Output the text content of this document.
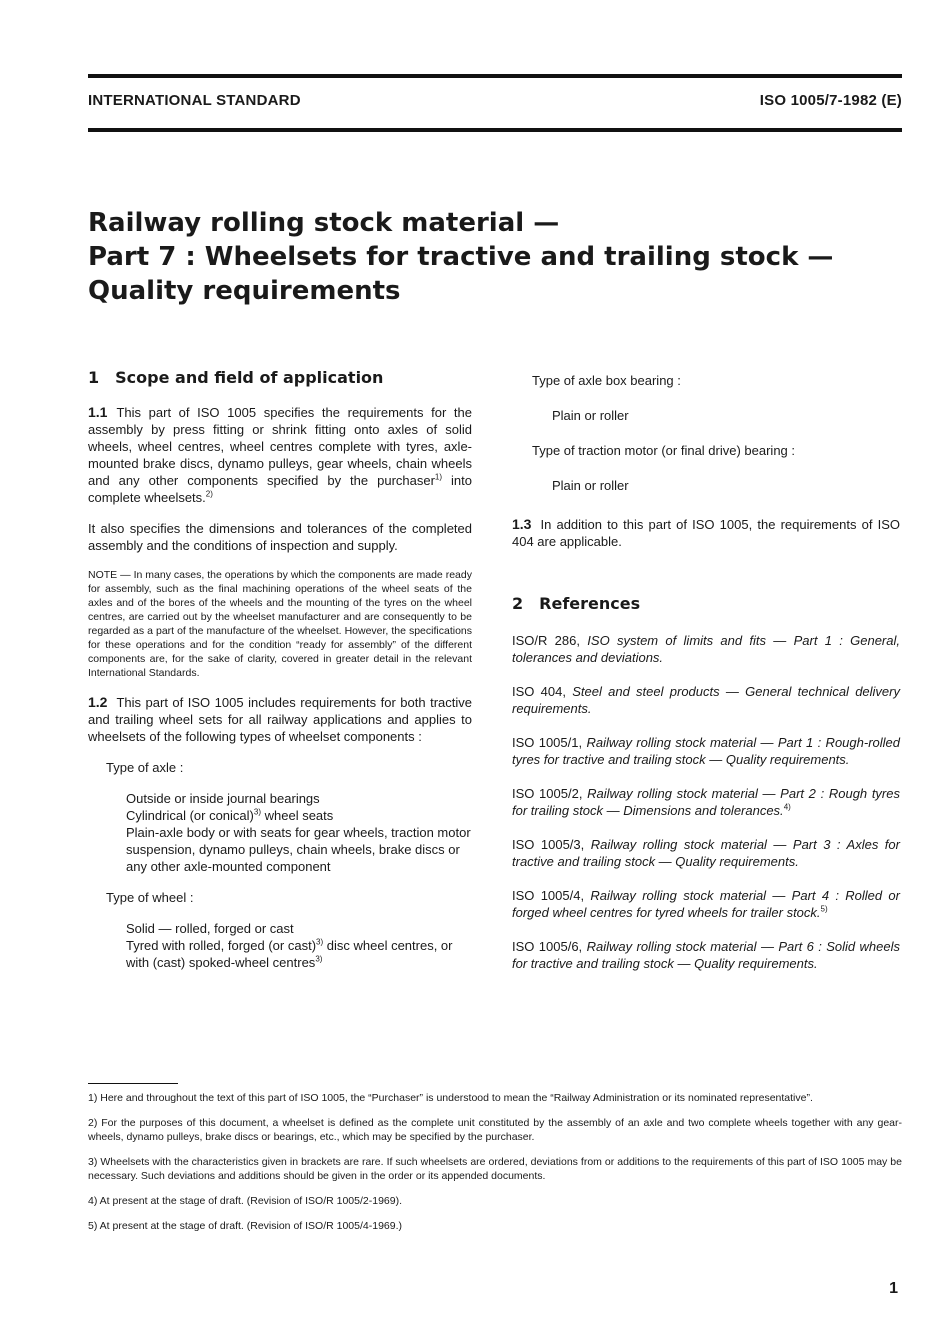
INTERNATIONAL STANDARD	ISO 1005/7-1982 (E)
Railway rolling stock material —
Part 7 : Wheelsets for tractive and trailing stock —
Quality requirements
1 Scope and field of application

1.1 This part of ISO 1005 specifies the requirements for the assembly by press fitting or shrink fitting onto axles of solid wheels, wheel centres, wheel centres complete with tyres, axle-mounted brake discs, dynamo pulleys, gear wheels, chain wheels and any other components specified by the purchaser$^{1)}$ into complete wheelsets.$^{2)}$

It also specifies the dimensions and tolerances of the completed assembly and the conditions of inspection and supply.

NOTE — In many cases, the operations by which the components are made ready for assembly, such as the final machining operations of the wheel seats of the axles and of the bores of the wheels and the mounting of the tyres on the wheel centres, are carried out by the wheelset manufacturer and are consequently to be regarded as a part of the manufacture of the wheelset. However, the specifications for these operations and for the condition “ready for assembly” of the different components are, for the sake of clarity, covered in greater detail in the relevant International Standards.

1.2 This part of ISO 1005 includes requirements for both tractive and trailing wheel sets for all railway applications and applies to wheelsets of the following types of wheelset components :

Type of axle :

Outside or inside journal bearings
Cylindrical (or conical)$^{3)}$ wheel seats
Plain-axle body or with seats for gear wheels, traction motor suspension, dynamo pulleys, chain wheels, brake discs or any other axle-mounted component

Type of wheel :

Solid — rolled, forged or cast
Tyred with rolled, forged (or cast)$^{3)}$ disc wheel centres, or with (cast) spoked-wheel centres$^{3)}$

Type of axle box bearing :

Plain or roller

Type of traction motor (or final drive) bearing :

Plain or roller

1.3 In addition to this part of ISO 1005, the requirements of ISO 404 are applicable.

2 References
ISO/R 286, ISO system of limits and fits — Part 1 : General, tolerances and deviations.
ISO 404, Steel and steel products — General technical delivery requirements.
ISO 1005/1, Railway rolling stock material — Part 1 : Rough-rolled tyres for tractive and trailing stock — Quality requirements.
ISO 1005/2, Railway rolling stock material — Part 2 : Rough tyres for trailing stock — Dimensions and tolerances.$^{4)}$
ISO 1005/3, Railway rolling stock material — Part 3 : Axles for tractive and trailing stock — Quality requirements.
ISO 1005/4, Railway rolling stock material — Part 4 : Rolled or forged wheel centres for tyred wheels for trailer stock.$^{5)}$
ISO 1005/6, Railway rolling stock material — Part 6 : Solid wheels for tractive and trailing stock — Quality requirements.
1) Here and throughout the text of this part of ISO 1005, the “Purchaser” is understood to mean the “Railway Administration or its nominated representative”.
2) For the purposes of this document, a wheelset is defined as the complete unit constituted by the assembly of an axle and two complete wheels together with any gear-wheels, dynamo pulleys, brake discs or bearings, etc., which may be specified by the purchaser.
3) Wheelsets with the characteristics given in brackets are rare. If such wheelsets are ordered, deviations from or additions to the requirements of this part of ISO 1005 may be necessary. Such deviations and additions should be given in the order or its appended documents.
4) At present at the stage of draft. (Revision of ISO/R 1005/2-1969).
5) At present at the stage of draft. (Revision of ISO/R 1005/4-1969.)
1
